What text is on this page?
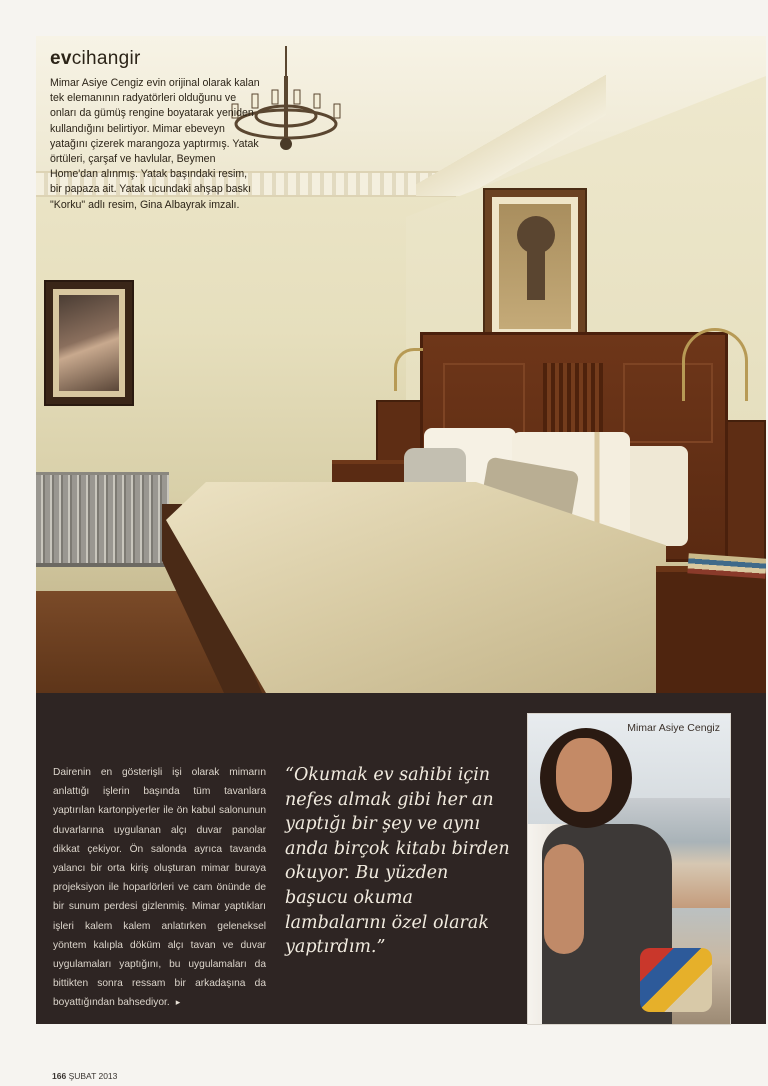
evcihangir

Mimar Asiye Cengiz evin orijinal olarak kalan tek elemanının radyatörleri olduğunu ve onları da gümüş rengine boyatarak yeniden kullandığını belirtiyor. Mimar ebeveyn yatağını çizerek marangoza yaptırmış. Yatak örtüleri, çarşaf ve havlular, Beymen Home'dan alınmış. Yatak başındaki resim, bir papaza ait. Yatak ucundaki ahşap baskı "Korku" adlı resim, Gina Albayrak imzalı.

Dairenin en gösterişli işi olarak mimarın anlattığı işlerin başında tüm tavanlara yaptırılan kartonpiyerler ile ön kabul salonunun duvarlarına uygulanan alçı duvar panolar dikkat çekiyor. Ön salonda ayrıca tavanda yalancı bir orta kiriş oluşturan mimar buraya projeksiyon ile hoparlörleri ve cam önünde de bir sunum perdesi gizlenmiş. Mimar yaptıkları işleri kalem kalem anlatırken geleneksel yöntem kalıpla döküm alçı tavan ve duvar uygulamaları yaptığını, bu uygulamaları da bittikten sonra ressam bir arkadaşına da boyattığından bahsediyor. ▸

“Okumak ev sahibi için nefes almak gibi her an yaptığı bir şey ve aynı anda birçok kitabı birden okuyor. Bu yüzden başucu okuma lambalarını özel olarak yaptırdım.”

Mimar Asiye Cengiz
166 ŞUBAT 2013
